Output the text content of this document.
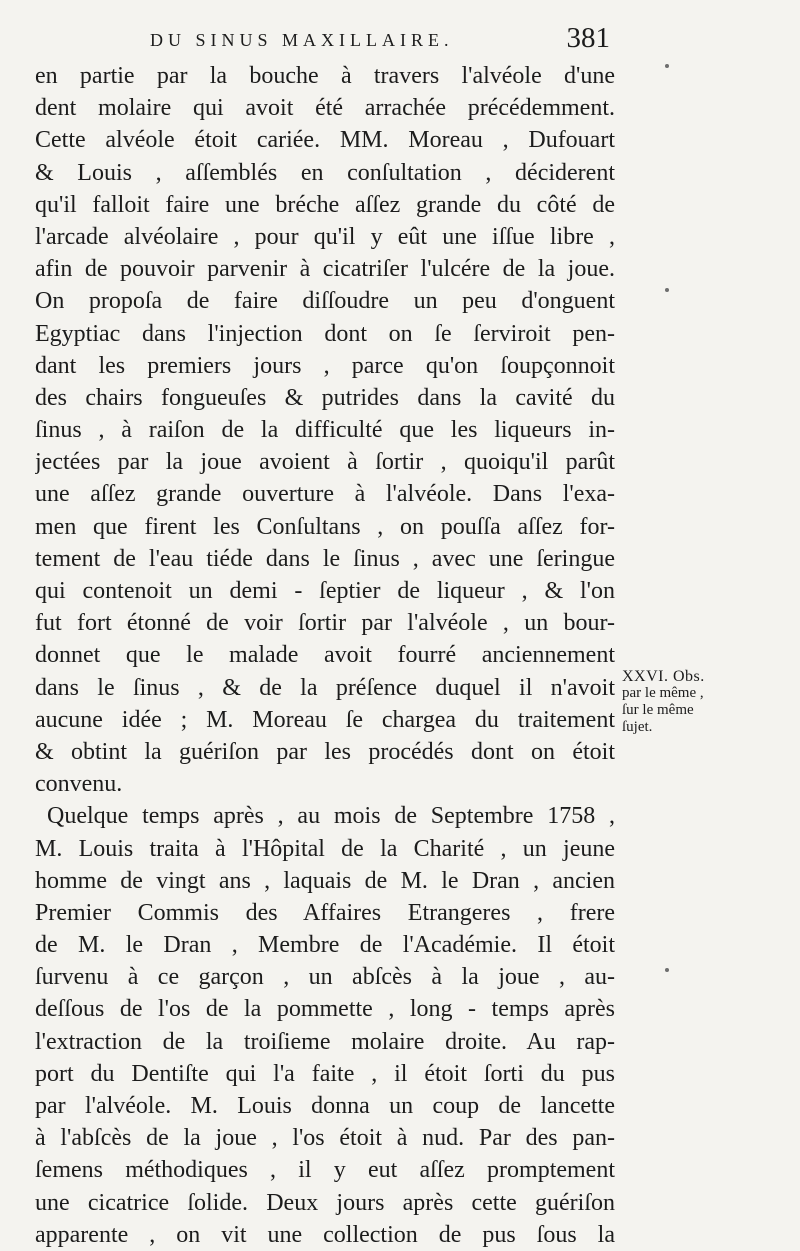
DU SINUS MAXILLAIRE.	381
en partie par la bouche à travers l'alvéole d'une
dent molaire qui avoit été arrachée précédemment.
Cette alvéole étoit cariée. MM. Moreau , Dufouart
& Louis , aſſemblés en conſultation , déciderent
qu'il falloit faire une bréche aſſez grande du côté de
l'arcade alvéolaire , pour qu'il y eût une iſſue libre ,
afin de pouvoir parvenir à cicatriſer l'ulcére de la joue.
On propoſa de faire diſſoudre un peu d'onguent
Egyptiac dans l'injection dont on ſe ſerviroit pen-
dant les premiers jours , parce qu'on ſoupçonnoit
des chairs fongueuſes & putrides dans la cavité du
ſinus , à raiſon de la difficulté que les liqueurs in-
jectées par la joue avoient à ſortir , quoiqu'il parût
une aſſez grande ouverture à l'alvéole. Dans l'exa-
men que firent les Conſultans , on pouſſa aſſez for-
tement de l'eau tiéde dans le ſinus , avec une ſeringue
qui contenoit un demi - ſeptier de liqueur , & l'on
fut fort étonné de voir ſortir par l'alvéole , un bour-
donnet que le malade avoit fourré anciennement
dans le ſinus , & de la préſence duquel il n'avoit
aucune idée ; M. Moreau ſe chargea du traitement
& obtint la guériſon par les procédés dont on étoit
convenu.
Quelque temps après , au mois de Septembre 1758 ,
M. Louis traita à l'Hôpital de la Charité , un jeune
homme de vingt ans , laquais de M. le Dran , ancien
Premier Commis des Affaires Etrangeres , frere
de M. le Dran , Membre de l'Académie. Il étoit
ſurvenu à ce garçon , un abſcès à la joue , au-
deſſous de l'os de la pommette , long - temps après
l'extraction de la troiſieme molaire droite. Au rap-
port du Dentiſte qui l'a faite , il étoit ſorti du pus
par l'alvéole. M. Louis donna un coup de lancette
à l'abſcès de la joue , l'os étoit à nud. Par des pan-
ſemens méthodiques , il y eut aſſez promptement
une cicatrice ſolide. Deux jours après cette guériſon
apparente , on vit une collection de pus ſous la
XXVI. Obs.
par le même ,
ſur le même
ſujet.
